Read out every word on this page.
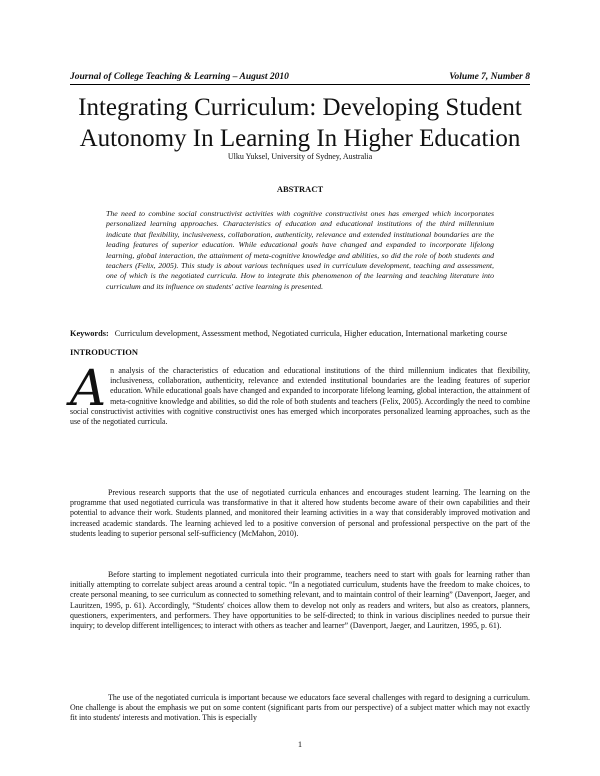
Journal of College Teaching & Learning – August 2010	Volume 7, Number 8
Integrating Curriculum: Developing Student Autonomy In Learning In Higher Education
Ulku Yuksel, University of Sydney, Australia
ABSTRACT

The need to combine social constructivist activities with cognitive constructivist ones has emerged which incorporates personalized learning approaches. Characteristics of education and educational institutions of the third millennium indicate that flexibility, inclusiveness, collaboration, authenticity, relevance and extended institutional boundaries are the leading features of superior education. While educational goals have changed and expanded to incorporate lifelong learning, global interaction, the attainment of meta-cognitive knowledge and abilities, so did the role of both students and teachers (Felix, 2005). This study is about various techniques used in curriculum development, teaching and assessment, one of which is the negotiated curricula. How to integrate this phenomenon of the learning and teaching literature into curriculum and its influence on students' active learning is presented.

Keywords: Curriculum development, Assessment method, Negotiated curricula, Higher education, International marketing course

INTRODUCTION

An analysis of the characteristics of education and educational institutions of the third millennium indicates that flexibility, inclusiveness, collaboration, authenticity, relevance and extended institutional boundaries are the leading features of superior education. While educational goals have changed and expanded to incorporate lifelong learning, global interaction, the attainment of meta-cognitive knowledge and abilities, so did the role of both students and teachers (Felix, 2005). Accordingly the need to combine social constructivist activities with cognitive constructivist ones has emerged which incorporates personalized learning approaches, such as the use of the negotiated curricula.

Previous research supports that the use of negotiated curricula enhances and encourages student learning. The learning on the programme that used negotiated curricula was transformative in that it altered how students become aware of their own capabilities and their potential to advance their work. Students planned, and monitored their learning activities in a way that considerably improved motivation and increased academic standards. The learning achieved led to a positive conversion of personal and professional perspective on the part of the students leading to superior personal self-sufficiency (McMahon, 2010).

Before starting to implement negotiated curricula into their programme, teachers need to start with goals for learning rather than initially attempting to correlate subject areas around a central topic. “In a negotiated curriculum, students have the freedom to make choices, to create personal meaning, to see curriculum as connected to something relevant, and to maintain control of their learning” (Davenport, Jaeger, and Lauritzen, 1995, p. 61). Accordingly, “Students' choices allow them to develop not only as readers and writers, but also as creators, planners, questioners, experimenters, and performers. They have opportunities to be self-directed; to think in various disciplines needed to pursue their inquiry; to develop different intelligences; to interact with others as teacher and learner” (Davenport, Jaeger, and Lauritzen, 1995, p. 61).

The use of the negotiated curricula is important because we educators face several challenges with regard to designing a curriculum. One challenge is about the emphasis we put on some content (significant parts from our perspective) of a subject matter which may not exactly fit into students' interests and motivation. This is especially

1
